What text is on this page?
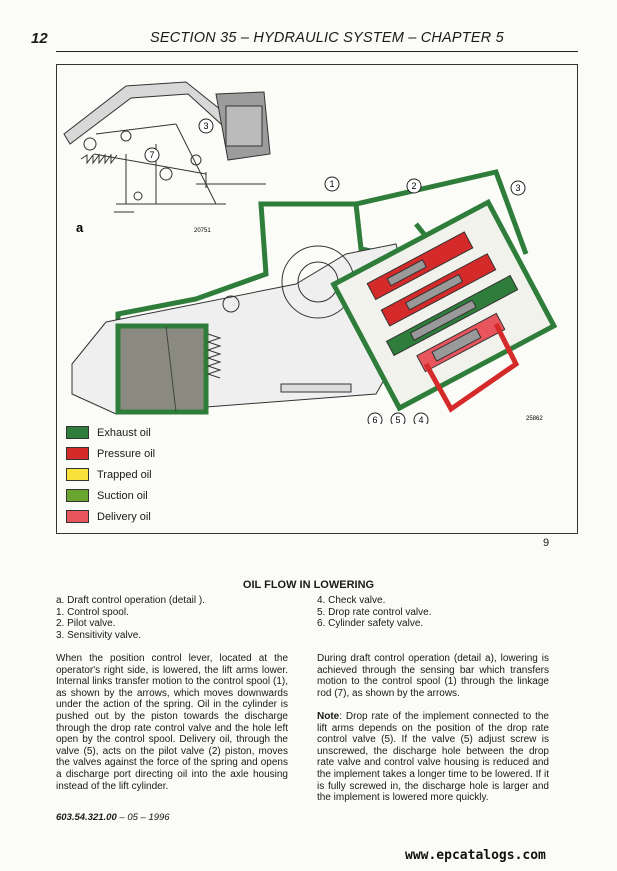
12	SECTION 35 – HYDRAULIC SYSTEM – CHAPTER 5
a	20751
1	2	3
6 5 4
7
3
25862
Exhaust oil
Pressure oil
Trapped oil
Suction oil
Delivery oil
9
OIL FLOW IN LOWERING
a. Draft control operation (detail ).
1. Control spool.
2. Pilot valve.
3. Sensitivity valve.
4. Check valve.
5. Drop rate control valve.
6. Cylinder safety valve.
When the position control lever, located at the operator's right side, is lowered, the lift arms lower. Internal links transfer motion to the control spool (1), as shown by the arrows, which moves downwards under the action of the spring. Oil in the cylinder is pushed out by the piston towards the discharge through the drop rate control valve and the hole left open by the control spool. Delivery oil, through the valve (5), acts on the pilot valve (2) piston, moves the valves against the force of the spring and opens a discharge port directing oil into the axle housing instead of the lift cylinder.
During draft control operation (detail a), lowering is achieved through the sensing bar which transfers motion to the control spool (1) through the linkage rod (7), as shown by the arrows.
Note: Drop rate of the implement connected to the lift arms depends on the position of the drop rate control valve (5). If the valve (5) adjust screw is unscrewed, the discharge hole between the drop rate valve and control valve housing is reduced and the implement takes a longer time to be lowered. If it is fully screwed in, the discharge hole is larger and the implement is lowered more quickly.
603.54.321.00 – 05 – 1996
www.epcatalogs.com
